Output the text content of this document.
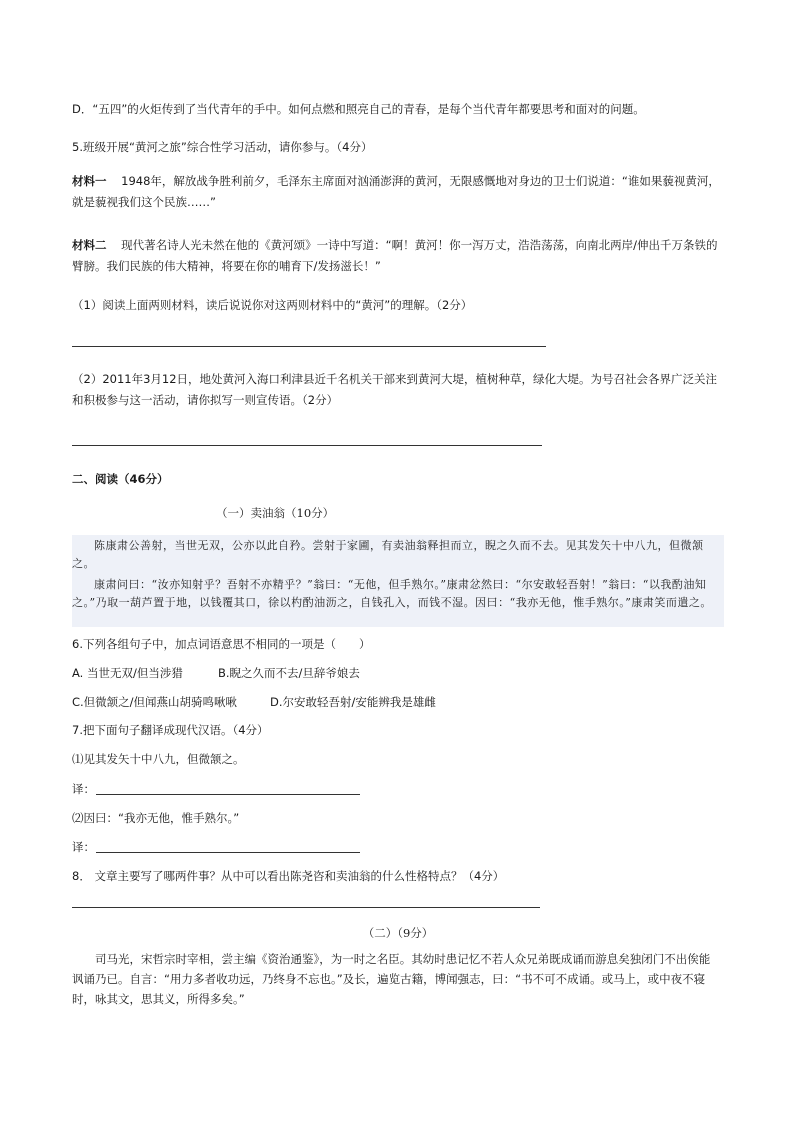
D．“五四”的火炬传到了当代青年的手中。如何点燃和照亮自己的青春，是每个当代青年都要思考和面对的问题。
5.班级开展“黄河之旅”综合性学习活动，请你参与。（4分）
材料一 1948年，解放战争胜利前夕，毛泽东主席面对汹涌澎湃的黄河，无限感慨地对身边的卫士们说道：“谁如果藐视黄河，就是藐视我们这个民族……”
材料二 现代著名诗人光未然在他的《黄河颂》一诗中写道：“啊！黄河！你一泻万丈，浩浩荡荡，向南北两岸/伸出千万条铁的臂膀。我们民族的伟大精神，将要在你的哺育下/发扬滋长！”
（1）阅读上面两则材料，读后说说你对这两则材料中的“黄河”的理解。（2分）
（2）2011年3月12日，地处黄河入海口利津县近千名机关干部来到黄河大堤，植树种草，绿化大堤。为号召社会各界广泛关注和积极参与这一活动，请你拟写一则宣传语。（2分）
二、阅读（46分）
（一）卖油翁（10分）
陈康肃公善射，当世无双，公亦以此自矜。尝射于家圃，有卖油翁释担而立，睨之久而不去。见其发矢十中八九，但微颔之。
康肃问曰：“汝亦知射乎？吾射不亦精乎？”翁曰：“无他，但手熟尔。”康肃忿然曰：“尔安敢轻吾射！”翁曰：“以我酌油知之。”乃取一葫芦置于地，以钱覆其口，徐以杓酌油沥之，自钱孔入，而钱不湿。因曰：“我亦无他，惟手熟尔。”康肃笑而遣之。
6.下列各组句子中，加点词语意思不相同的一项是（　　）
A. 当世无双/但当涉猎	B.睨之久而不去/旦辞爷娘去
C.但微颔之/但闻燕山胡骑鸣啾啾	D.尔安敢轻吾射/安能辨我是雄雌
7.把下面句子翻译成现代汉语。（4分）
⑴见其发矢十中八九，但微颔之。
译：
⑵因曰：“我亦无他，惟手熟尔。”
译：
8． 文章主要写了哪两件事？从中可以看出陈尧咨和卖油翁的什么性格特点？（4分）
（二）（9分）
司马光，宋哲宗时宰相，尝主编《资治通鉴》，为一时之名臣。其幼时患记忆不若人众兄弟既成诵而游息矣独闭门不出俟能讽诵乃已。自言：“用力多者收功远，乃终身不忘也。”及长，遍览古籍，博闻强志，曰：“书不可不成诵。或马上，或中夜不寝时，咏其文，思其义，所得多矣。”
